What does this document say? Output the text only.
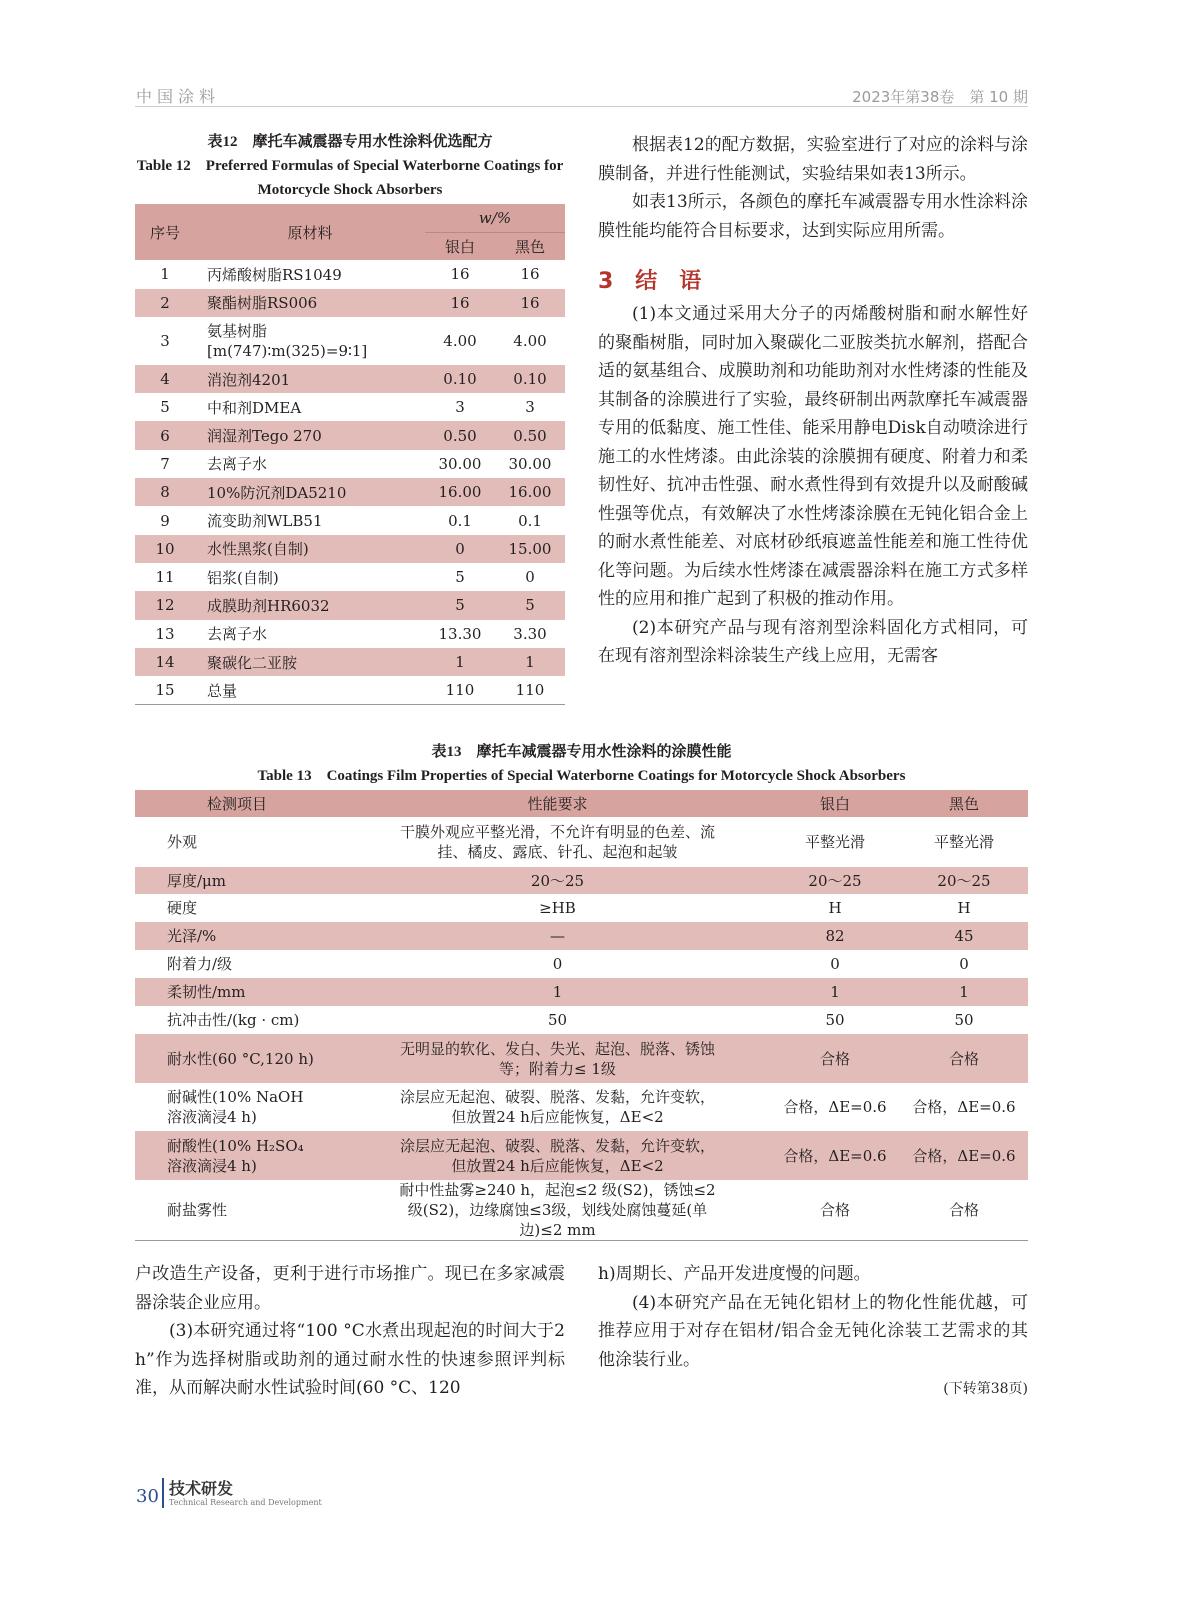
中国涂料	2023年第38卷　第 10 期
表12　摩托车减震器专用水性涂料优选配方
Table 12　Preferred Formulas of Special Waterborne Coatings for Motorcycle Shock Absorbers
序号	原材料	w/%	
		银白	黑色
1	丙烯酸树脂RS1049	16	16
2	聚酯树脂RS006	16	16
3	氨基树脂
[m(747)∶m(325)=9∶1]	4.00	4.00
4	消泡剂4201	0.10	0.10
5	中和剂DMEA	3	3
6	润湿剂Tego 270	0.50	0.50
7	去离子水	30.00	30.00
8	10%防沉剂DA5210	16.00	16.00
9	流变助剂WLB51	0.1	0.1
10	水性黑浆(自制)	0	15.00
11	铝浆(自制)	5	0
12	成膜助剂HR6032	5	5
13	去离子水	13.30	3.30
14	聚碳化二亚胺	1	1
15	总量	110	110

根据表12的配方数据，实验室进行了对应的涂料与涂膜制备，并进行性能测试，实验结果如表13所示。

如表13所示，各颜色的摩托车减震器专用水性涂料涂膜性能均能符合目标要求，达到实际应用所需。

3　结　语

(1)本文通过采用大分子的丙烯酸树脂和耐水解性好的聚酯树脂，同时加入聚碳化二亚胺类抗水解剂，搭配合适的氨基组合、成膜助剂和功能助剂对水性烤漆的性能及其制备的涂膜进行了实验，最终研制出两款摩托车减震器专用的低黏度、施工性佳、能采用静电Disk自动喷涂进行施工的水性烤漆。由此涂装的涂膜拥有硬度、附着力和柔韧性好、抗冲击性强、耐水煮性得到有效提升以及耐酸碱性强等优点，有效解决了水性烤漆涂膜在无钝化铝合金上的耐水煮性能差、对底材砂纸痕遮盖性能差和施工性待优化等问题。为后续水性烤漆在减震器涂料在施工方式多样性的应用和推广起到了积极的推动作用。

(2)本研究产品与现有溶剂型涂料固化方式相同，可在现有溶剂型涂料涂装生产线上应用，无需客

表13　摩托车减震器专用水性涂料的涂膜性能
Table 13　Coatings Film Properties of Special Waterborne Coatings for Motorcycle Shock Absorbers
检测项目	性能要求	银白	黑色
外观	干膜外观应平整光滑，不允许有明显的色差、流挂、橘皮、露底、针孔、起泡和起皱	平整光滑	平整光滑
厚度/μm	20～25	20～25	20～25
硬度	≥HB	H	H
光泽/%	—	82	45
附着力/级	0	0	0
柔韧性/mm	1	1	1
抗冲击性/(kg · cm)	50	50	50
耐水性(60 °C,120 h)	无明显的软化、发白、失光、起泡、脱落、锈蚀等；附着力≤ 1级	合格	合格
耐碱性(10% NaOH溶液滴浸4 h)	涂层应无起泡、破裂、脱落、发黏，允许变软，但放置24 h后应能恢复，ΔE<2	合格，ΔE=0.6	合格，ΔE=0.6
耐酸性(10% H₂SO₄溶液滴浸4 h)	涂层应无起泡、破裂、脱落、发黏，允许变软，但放置24 h后应能恢复，ΔE<2	合格，ΔE=0.6	合格，ΔE=0.6
耐盐雾性	耐中性盐雾≥240 h，起泡≤2 级(S2)，锈蚀≤2级(S2)，边缘腐蚀≤3级，划线处腐蚀蔓延(单边)≤2 mm	合格	合格

户改造生产设备，更利于进行市场推广。现已在多家减震器涂装企业应用。

(3)本研究通过将“100 °C水煮出现起泡的时间大于2 h”作为选择树脂或助剂的通过耐水性的快速参照评判标准，从而解决耐水性试验时间(60 °C、120

h)周期长、产品开发进度慢的问题。

(4)本研究产品在无钝化铝材上的物化性能优越，可推荐应用于对存在铝材/铝合金无钝化涂装工艺需求的其他涂装行业。

(下转第38页)

30 技术研发
Technical Research and Development
